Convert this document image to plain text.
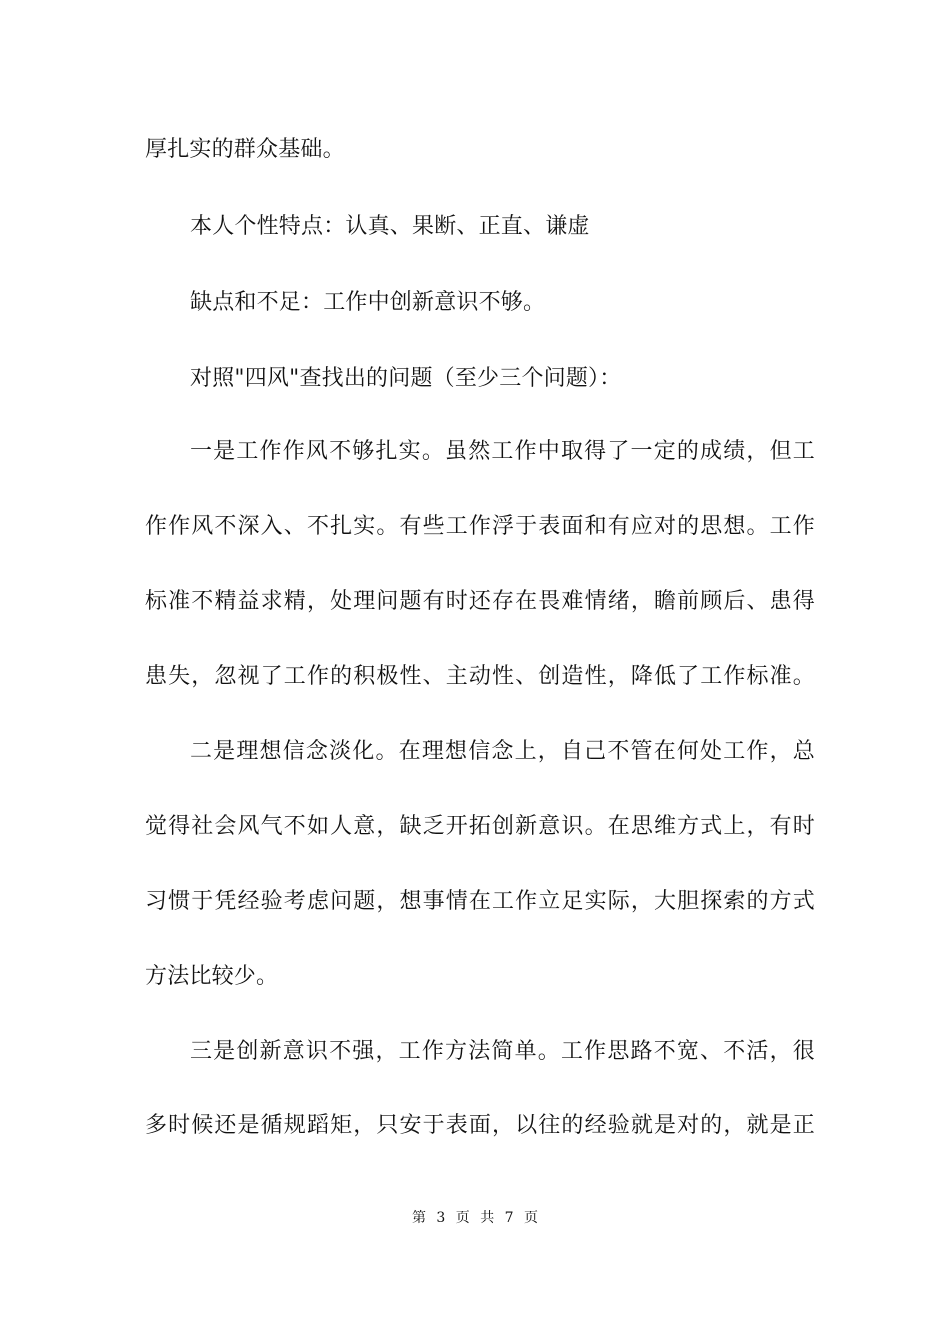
厚扎实的群众基础。
本人个性特点：认真、果断、正直、谦虚
缺点和不足：工作中创新意识不够。
对照"四风"查找出的问题（至少三个问题）：
一是工作作风不够扎实。虽然工作中取得了一定的成绩，但工
作作风不深入、不扎实。有些工作浮于表面和有应对的思想。工作
标准不精益求精，处理问题有时还存在畏难情绪，瞻前顾后、患得
患失，忽视了工作的积极性、主动性、创造性，降低了工作标准。
二是理想信念淡化。在理想信念上，自己不管在何处工作，总
觉得社会风气不如人意，缺乏开拓创新意识。在思维方式上，有时
习惯于凭经验考虑问题，想事情在工作立足实际，大胆探索的方式
方法比较少。
三是创新意识不强，工作方法简单。工作思路不宽、不活，很
多时候还是循规蹈矩，只安于表面，以往的经验就是对的，就是正
第 3 页 共 7 页
